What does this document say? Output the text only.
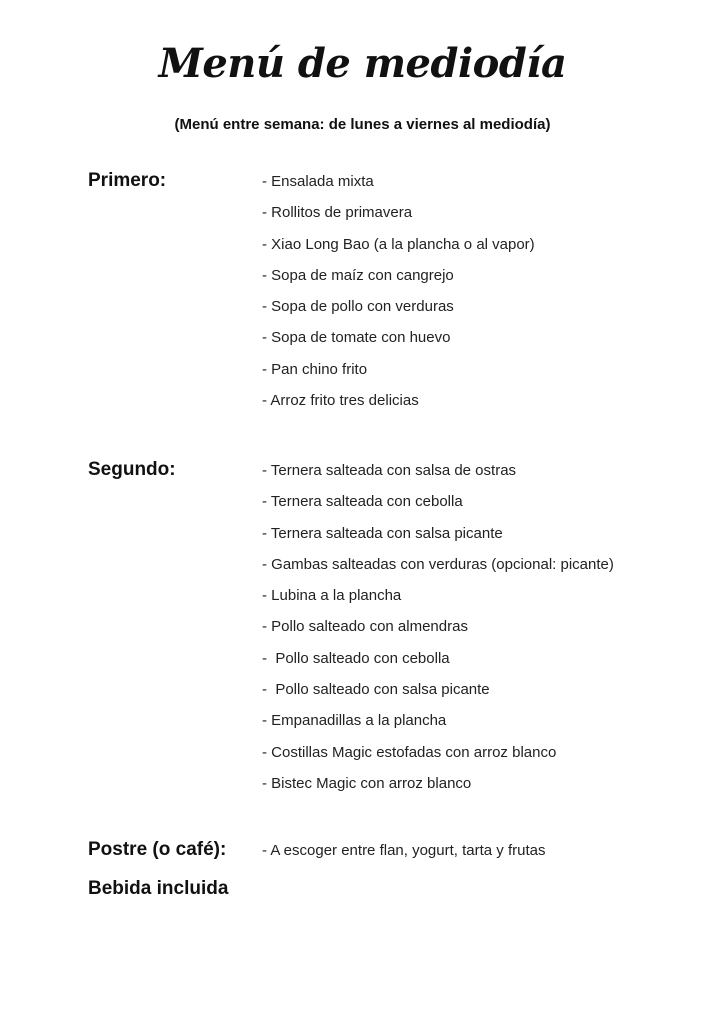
Menú de mediodía
(Menú entre semana: de lunes a viernes al mediodía)
Primero:	- Ensalada mixta
- Rollitos de primavera
- Xiao Long Bao (a la plancha o al vapor)
- Sopa de maíz con cangrejo
- Sopa de pollo con verduras
- Sopa de tomate con huevo
- Pan chino frito
- Arroz frito tres delicias
Segundo:	- Ternera salteada con salsa de ostras
- Ternera salteada con cebolla
- Ternera salteada con salsa picante
- Gambas salteadas con verduras (opcional: picante)
- Lubina a la plancha
- Pollo salteado con almendras
-  Pollo salteado con cebolla
-  Pollo salteado con salsa picante
- Empanadillas a la plancha
- Costillas Magic estofadas con arroz blanco
- Bistec Magic con arroz blanco
Postre (o café): - A escoger entre flan, yogurt, tarta y frutas
Bebida incluida
